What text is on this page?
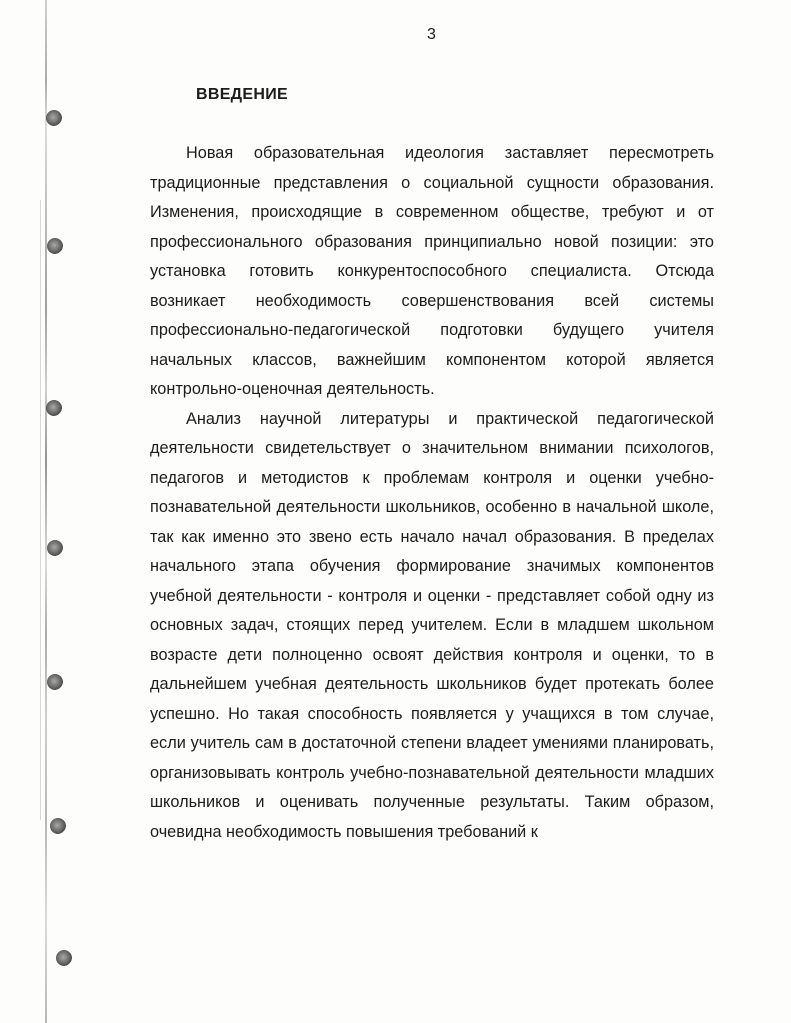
3
ВВЕДЕНИЕ

Новая образовательная идеология заставляет пересмотреть традиционные представления о социальной сущности образования. Изменения, происходящие в современном обществе, требуют и от профессионального образования принципиально новой позиции: это установка готовить конкурентоспособного специалиста. Отсюда возникает необходимость совершенствования всей системы профессионально-педагогической подготовки будущего учителя начальных классов, важнейшим компонентом которой является контрольно-оценочная деятельность.

Анализ научной литературы и практической педагогической деятельности свидетельствует о значительном внимании психологов, педагогов и методистов к проблемам контроля и оценки учебно-познавательной деятельности школьников, особенно в начальной школе, так как именно это звено есть начало начал образования. В пределах начального этапа обучения формирование значимых компонентов учебной деятельности - контроля и оценки - представляет собой одну из основных задач, стоящих перед учителем. Если в младшем школьном возрасте дети полноценно освоят действия контроля и оценки, то в дальнейшем учебная деятельность школьников будет протекать более успешно. Но такая способность появляется у учащихся в том случае, если учитель сам в достаточной степени владеет умениями планировать, организовывать контроль учебно-познавательной деятельности младших школьников и оценивать полученные результаты. Таким образом, очевидна необходимость повышения требований к
